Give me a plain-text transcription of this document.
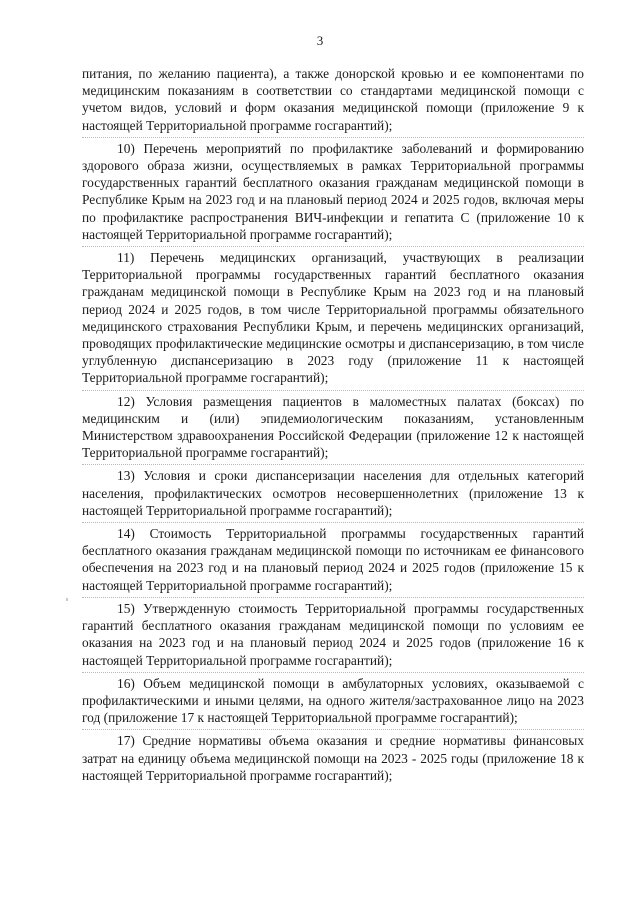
3

питания, по желанию пациента), а также донорской кровью и ее компонентами по медицинским показаниям в соответствии со стандартами медицинской помощи с учетом видов, условий и форм оказания медицинской помощи (приложение 9 к настоящей Территориальной программе госгарантий);

10) Перечень мероприятий по профилактике заболеваний и формированию здорового образа жизни, осуществляемых в рамках Территориальной программы государственных гарантий бесплатного оказания гражданам медицинской помощи в Республике Крым на 2023 год и на плановый период 2024 и 2025 годов, включая меры по профилактике распространения ВИЧ-инфекции и гепатита С (приложение 10 к настоящей Территориальной программе госгарантий);

11) Перечень медицинских организаций, участвующих в реализации Территориальной программы государственных гарантий бесплатного оказания гражданам медицинской помощи в Республике Крым на 2023 год и на плановый период 2024 и 2025 годов, в том числе Территориальной программы обязательного медицинского страхования Республики Крым, и перечень медицинских организаций, проводящих профилактические медицинские осмотры и диспансеризацию, в том числе углубленную диспансеризацию в 2023 году (приложение 11 к настоящей Территориальной программе госгарантий);

12) Условия размещения пациентов в маломестных палатах (боксах) по медицинским и (или) эпидемиологическим показаниям, установленным Министерством здравоохранения Российской Федерации (приложение 12 к настоящей Территориальной программе госгарантий);

13) Условия и сроки диспансеризации населения для отдельных категорий населения, профилактических осмотров несовершеннолетних (приложение 13 к настоящей Территориальной программе госгарантий);

14) Стоимость Территориальной программы государственных гарантий бесплатного оказания гражданам медицинской помощи по источникам ее финансового обеспечения на 2023 год и на плановый период 2024 и 2025 годов (приложение 15 к настоящей Территориальной программе госгарантий);

15) Утвержденную стоимость Территориальной программы государственных гарантий бесплатного оказания гражданам медицинской помощи по условиям ее оказания на 2023 год и на плановый период 2024 и 2025 годов (приложение 16 к настоящей Территориальной программе госгарантий);

16) Объем медицинской помощи в амбулаторных условиях, оказываемой с профилактическими и иными целями, на одного жителя/застрахованное лицо на 2023 год (приложение 17 к настоящей Территориальной программе госгарантий);

17) Средние нормативы объема оказания и средние нормативы финансовых затрат на единицу объема медицинской помощи на 2023 - 2025 годы (приложение 18 к настоящей Территориальной программе госгарантий);
